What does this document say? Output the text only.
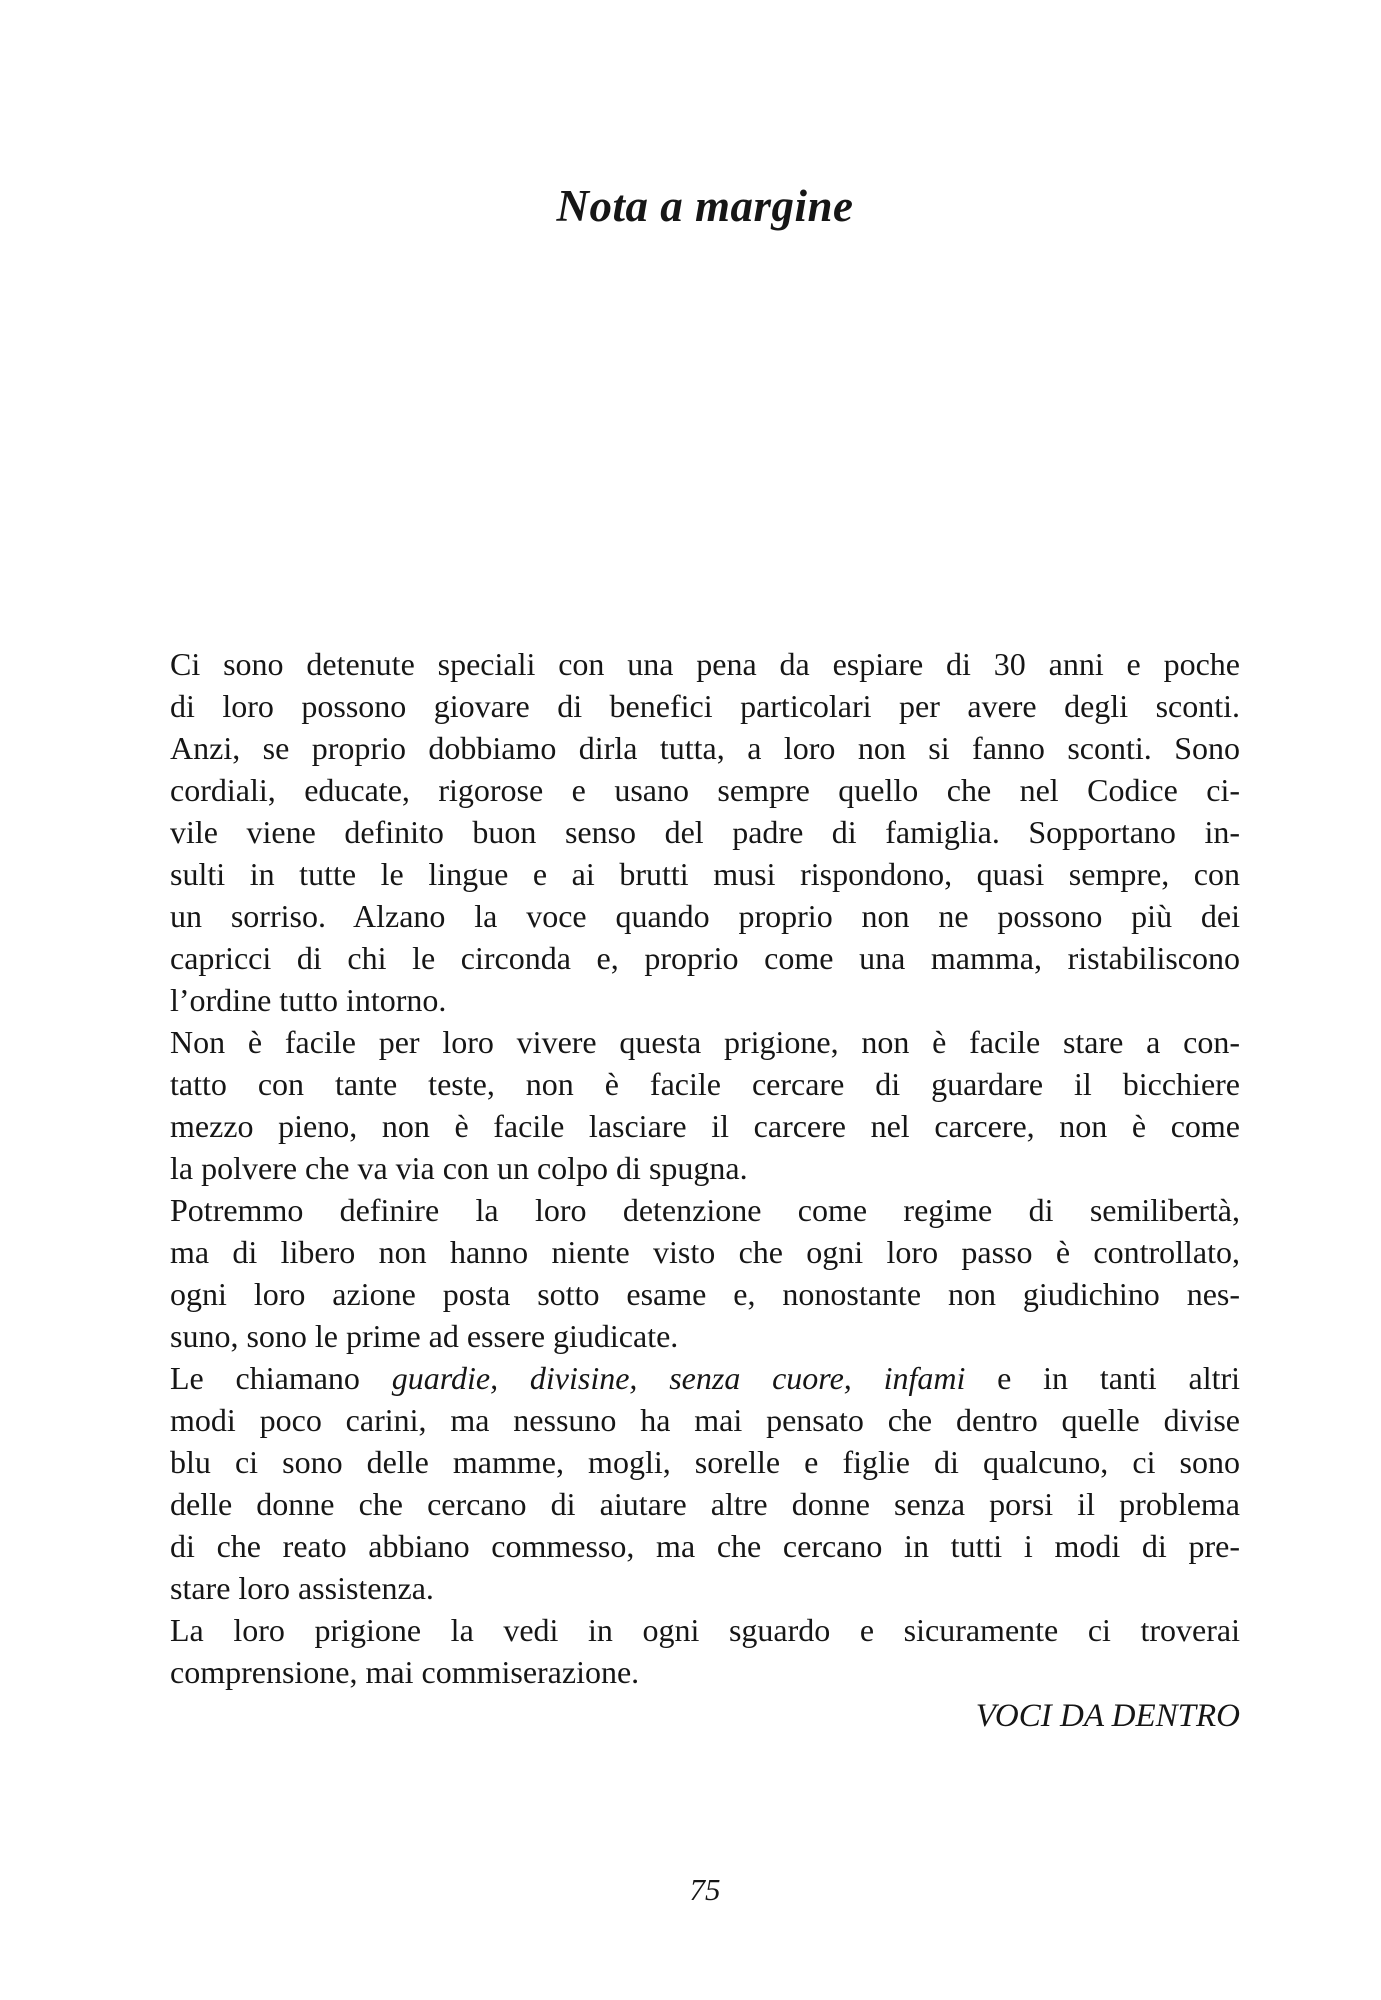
Nota a margine
Ci sono detenute speciali con una pena da espiare di 30 anni e poche
di loro possono giovare di benefici particolari per avere degli sconti.
Anzi, se proprio dobbiamo dirla tutta, a loro non si fanno sconti. Sono
cordiali, educate, rigorose e usano sempre quello che nel Codice ci-
vile viene definito buon senso del padre di famiglia. Sopportano in-
sulti in tutte le lingue e ai brutti musi rispondono, quasi sempre, con
un sorriso. Alzano la voce quando proprio non ne possono più dei
capricci di chi le circonda e, proprio come una mamma, ristabiliscono
l’ordine tutto intorno.
Non è facile per loro vivere questa prigione, non è facile stare a con-
tatto con tante teste, non è facile cercare di guardare il bicchiere
mezzo pieno, non è facile lasciare il carcere nel carcere, non è come
la polvere che va via con un colpo di spugna.
Potremmo definire la loro detenzione come regime di semilibertà,
ma di libero non hanno niente visto che ogni loro passo è controllato,
ogni loro azione posta sotto esame e, nonostante non giudichino nes-
suno, sono le prime ad essere giudicate.
Le chiamano guardie, divisine, senza cuore, infami e in tanti altri
modi poco carini, ma nessuno ha mai pensato che dentro quelle divise
blu ci sono delle mamme, mogli, sorelle e figlie di qualcuno, ci sono
delle donne che cercano di aiutare altre donne senza porsi il problema
di che reato abbiano commesso, ma che cercano in tutti i modi di pre-
stare loro assistenza.
La loro prigione la vedi in ogni sguardo e sicuramente ci troverai
comprensione, mai commiserazione.
VOCI DA DENTRO
75
